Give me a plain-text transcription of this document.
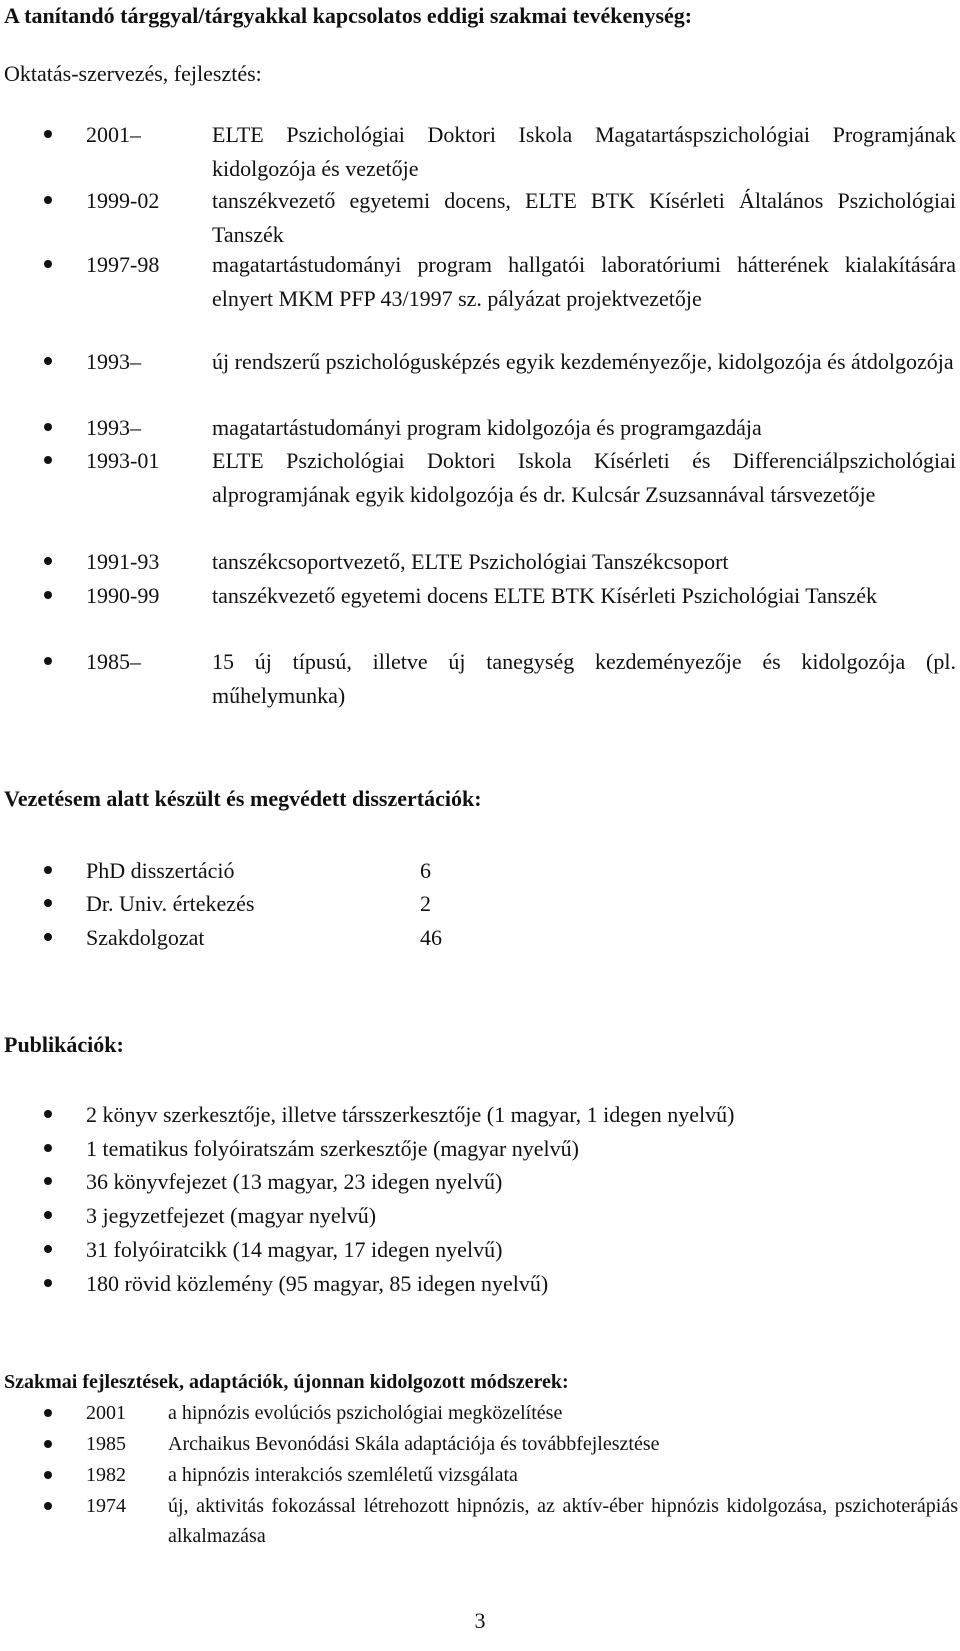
A tanítandó tárggyal/tárgyakkal kapcsolatos eddigi szakmai tevékenység:
Oktatás-szervezés, fejlesztés:
2001–	ELTE Pszichológiai Doktori Iskola Magatartáspszichológiai Programjának kidolgozója és vezetője
1999-02 tanszékvezető egyetemi docens, ELTE BTK Kísérleti Általános Pszichológiai Tanszék
1997-98 magatartástudományi program hallgatói laboratóriumi hátterének kialakítására elnyert MKM PFP 43/1997 sz. pályázat projektvezetője
1993–	új rendszerű pszichológusképzés egyik kezdeményezője, kidolgozója és átdolgozója
1993–	magatartástudományi program kidolgozója és programgazdája
1993-01 ELTE Pszichológiai Doktori Iskola Kísérleti és Differenciálpszichológiai alprogramjának egyik kidolgozója és dr. Kulcsár Zsuzsannával társvezetője
1991-93 tanszékcsoportvezető, ELTE Pszichológiai Tanszékcsoport
1990-99 tanszékvezető egyetemi docens ELTE BTK Kísérleti Pszichológiai Tanszék
1985–	15 új típusú, illetve új tanegység kezdeményezője és kidolgozója (pl. műhelymunka)
Vezetésem alatt készült és megvédett disszertációk:
PhD disszertáció	6
Dr. Univ. értekezés	2
Szakdolgozat	46
Publikációk:
2 könyv szerkesztője, illetve társszerkesztője (1 magyar, 1 idegen nyelvű)
1 tematikus folyóiratszám szerkesztője (magyar nyelvű)
36 könyvfejezet (13 magyar, 23 idegen nyelvű)
3 jegyzetfejezet (magyar nyelvű)
31 folyóiratcikk (14 magyar, 17 idegen nyelvű)
180 rövid közlemény (95 magyar, 85 idegen nyelvű)
Szakmai fejlesztések, adaptációk, újonnan kidolgozott módszerek:
2001 a hipnózis evolúciós pszichológiai megközelítése
1985 Archaikus Bevonódási Skála adaptációja és továbbfejlesztése
1982 a hipnózis interakciós szemléletű vizsgálata
1974 új, aktivitás fokozással létrehozott hipnózis, az aktív-éber hipnózis kidolgozása, pszichoterápiás alkalmazása
3
